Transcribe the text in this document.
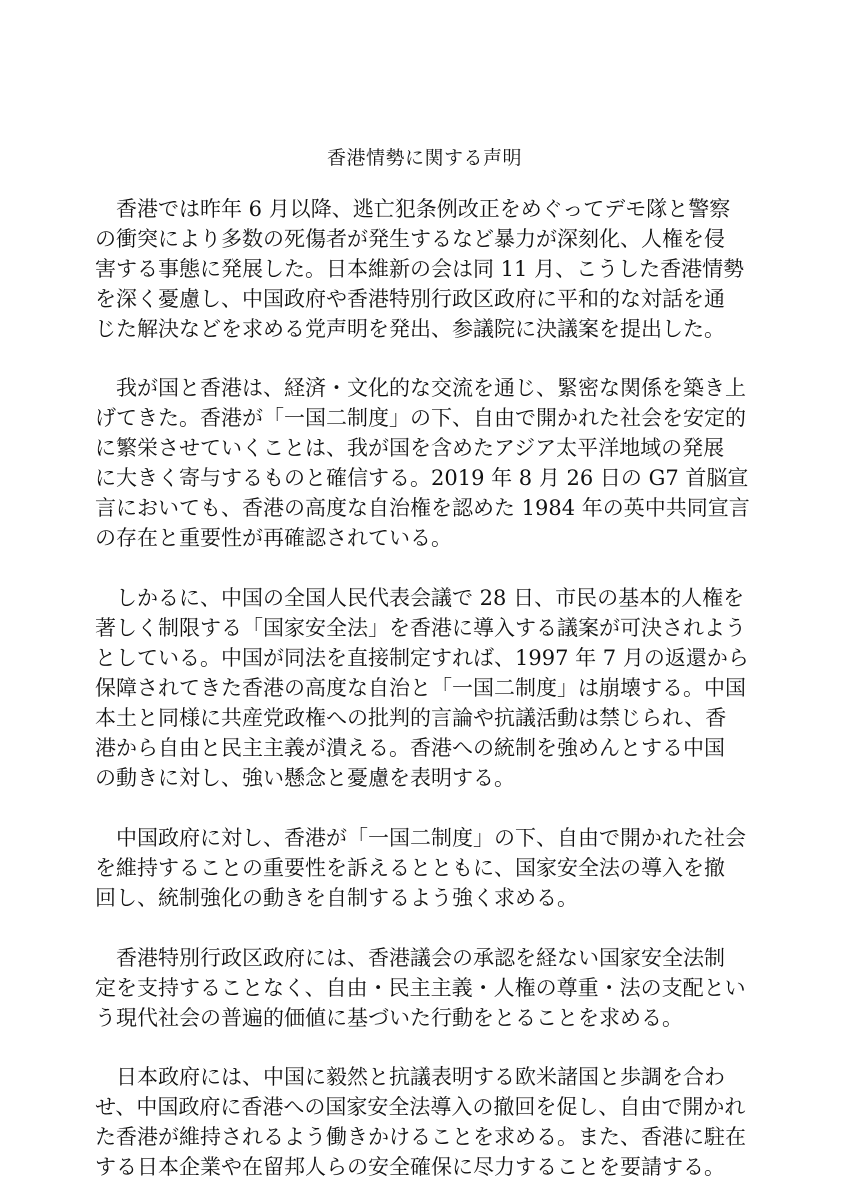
香港情勢に関する声明
香港では昨年 6 月以降、逃亡犯条例改正をめぐってデモ隊と警察
の衝突により多数の死傷者が発生するなど暴力が深刻化、人権を侵
害する事態に発展した。日本維新の会は同 11 月、こうした香港情勢
を深く憂慮し、中国政府や香港特別行政区政府に平和的な対話を通
じた解決などを求める党声明を発出、参議院に決議案を提出した。
我が国と香港は、経済・文化的な交流を通じ、緊密な関係を築き上
げてきた。香港が「一国二制度」の下、自由で開かれた社会を安定的
に繁栄させていくことは、我が国を含めたアジア太平洋地域の発展
に大きく寄与するものと確信する。2019 年 8 月 26 日の G7 首脳宣
言においても、香港の高度な自治権を認めた 1984 年の英中共同宣言
の存在と重要性が再確認されている。
しかるに、中国の全国人民代表会議で 28 日、市民の基本的人権を
著しく制限する「国家安全法」を香港に導入する議案が可決されよう
としている。中国が同法を直接制定すれば、1997 年 7 月の返還から
保障されてきた香港の高度な自治と「一国二制度」は崩壊する。中国
本土と同様に共産党政権への批判的言論や抗議活動は禁じられ、香
港から自由と民主主義が潰える。香港への統制を強めんとする中国
の動きに対し、強い懸念と憂慮を表明する。
中国政府に対し、香港が「一国二制度」の下、自由で開かれた社会
を維持することの重要性を訴えるとともに、国家安全法の導入を撤
回し、統制強化の動きを自制するよう強く求める。
香港特別行政区政府には、香港議会の承認を経ない国家安全法制
定を支持することなく、自由・民主主義・人権の尊重・法の支配とい
う現代社会の普遍的価値に基づいた行動をとることを求める。
日本政府には、中国に毅然と抗議表明する欧米諸国と歩調を合わ
せ、中国政府に香港への国家安全法導入の撤回を促し、自由で開かれ
た香港が維持されるよう働きかけることを求める。また、香港に駐在
する日本企業や在留邦人らの安全確保に尽力することを要請する。
